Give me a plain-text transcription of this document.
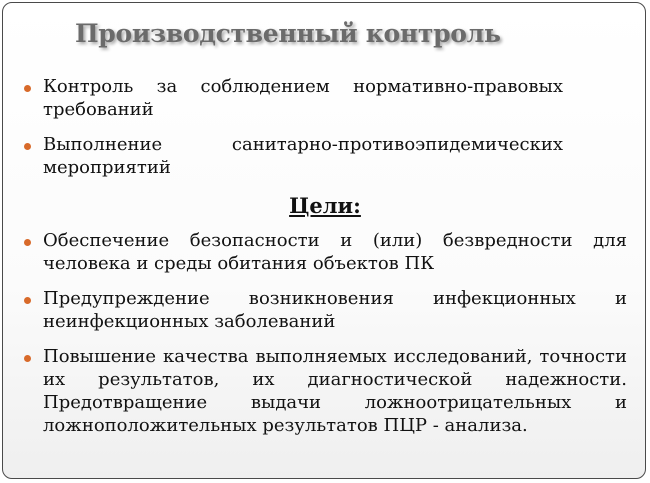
Производственный контроль
Контроль за соблюдением нормативно-правовых требований
Выполнение санитарно-противоэпидемических мероприятий
Цели:
Обеспечение безопасности и (или) безвредности для человека и среды обитания объектов ПК
Предупреждение возникновения инфекционных и неинфекционных заболеваний
Повышение качества выполняемых исследований, точности их результатов, их диагностической надежности. Предотвращение выдачи ложноотрицательных и ложноположительных результатов ПЦР - анализа.
